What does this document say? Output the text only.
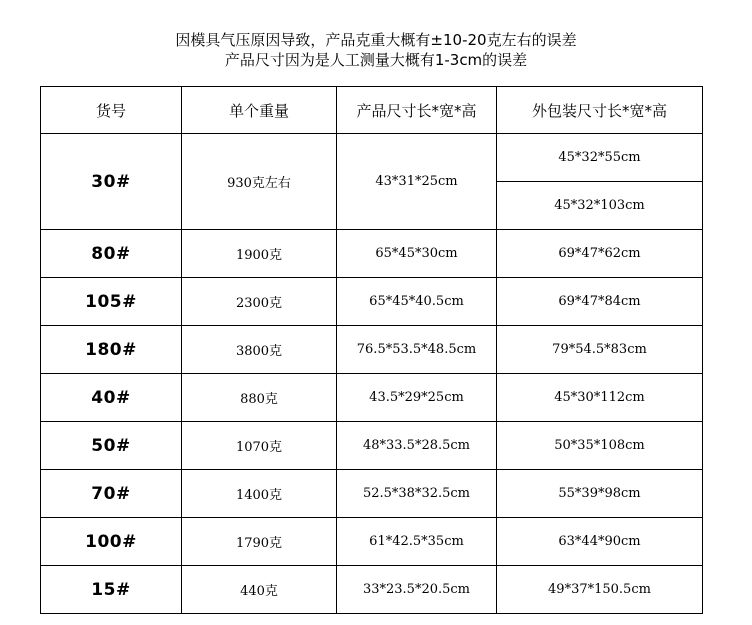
因模具气压原因导致，产品克重大概有±10-20克左右的误差
产品尺寸因为是人工测量大概有1-3cm的误差
货号	单个重量	产品尺寸长*宽*高	外包装尺寸长*宽*高
30#	930克左右	43*31*25cm	45*32*55cm
			45*32*103cm
80#	1900克	65*45*30cm	69*47*62cm
105#	2300克	65*45*40.5cm	69*47*84cm
180#	3800克	76.5*53.5*48.5cm	79*54.5*83cm
40#	880克	43.5*29*25cm	45*30*112cm
50#	1070克	48*33.5*28.5cm	50*35*108cm
70#	1400克	52.5*38*32.5cm	55*39*98cm
100#	1790克	61*42.5*35cm	63*44*90cm
15#	440克	33*23.5*20.5cm	49*37*150.5cm
